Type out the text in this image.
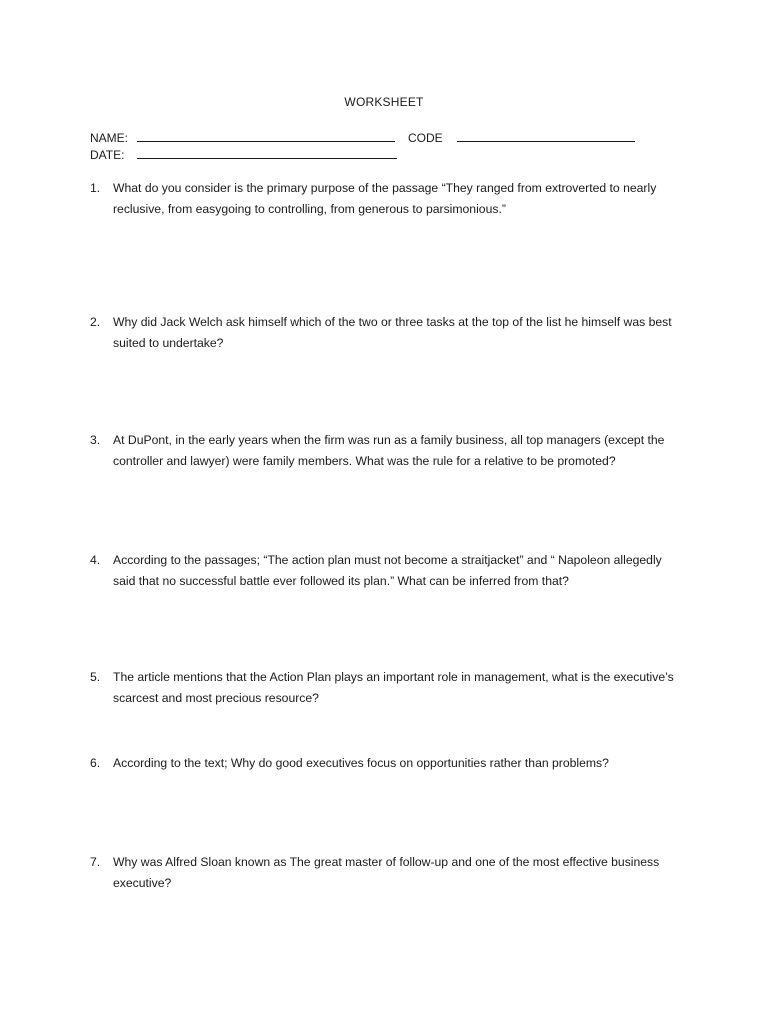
WORKSHEET
NAME:	CODE
DATE:
1. What do you consider is the primary purpose of the passage “They ranged from extroverted to nearly reclusive, from easygoing to controlling, from generous to parsimonious.”
2. Why did Jack Welch ask himself which of the two or three tasks at the top of the list he himself was best suited to undertake?
3. At DuPont, in the early years when the firm was run as a family business, all top managers (except the controller and lawyer) were family members. What was the rule for a relative to be promoted?
4. According to the passages; “The action plan must not become a straitjacket” and “ Napoleon allegedly said that no successful battle ever followed its plan.” What can be inferred from that?
5. The article mentions that the Action Plan plays an important role in management, what is the executive’s scarcest and most precious resource?
6. According to the text; Why do good executives focus on opportunities rather than problems?
7. Why was Alfred Sloan known as The great master of follow-up and one of the most effective business executive?
